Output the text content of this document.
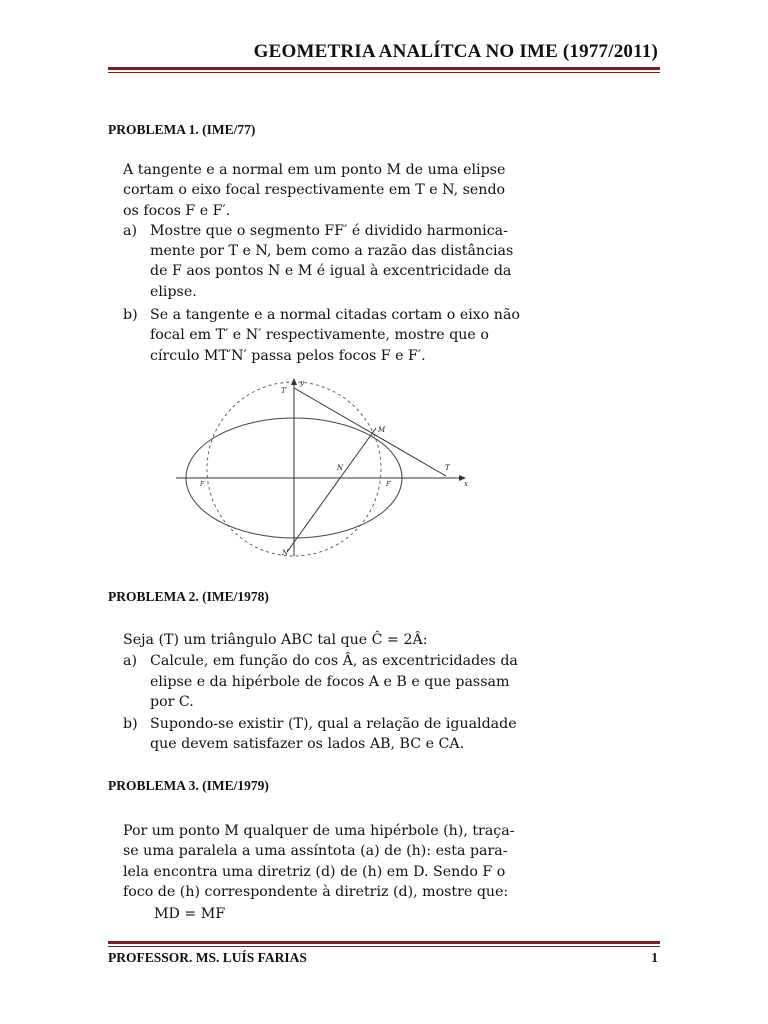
GEOMETRIA ANALÍTCA NO IME (1977/2011)
PROBLEMA 1. (IME/77)

A tangente e a normal em um ponto M de uma elipse

cortam o eixo focal respectivamente em T e N, sendo

os focos F e F′.

a) Mostre que o segmento FF′ é dividido harmonica-

mente por T e N, bem como a razão das distâncias

de F aos pontos N e M é igual à excentricidade da

elipse.

b) Se a tangente e a normal citadas cortam o eixo não

focal em T′ e N′ respectivamente, mostre que o

círculo MT′N′ passa pelos focos F e F′.

y
x
T′
M
N	T
F	F′
N′
PROBLEMA 2. (IME/1978)

Seja (T) um triângulo ABC tal que Ĉ = 2Â:

a) Calcule, em função do cos Â, as excentricidades da

elipse e da hipérbole de focos A e B e que passam

por C.

b) Supondo-se existir (T), qual a relação de igualdade

que devem satisfazer os lados AB, BC e CA.

PROBLEMA 3. (IME/1979)

Por um ponto M qualquer de uma hipérbole (h), traça-

se uma paralela a uma assíntota (a) de (h): esta para-

lela encontra uma diretriz (d) de (h) em D. Sendo F o

foco de (h) correspondente à diretriz (d), mostre que:

MD = MF

PROFESSOR. MS. LUÍS FARIAS	1
